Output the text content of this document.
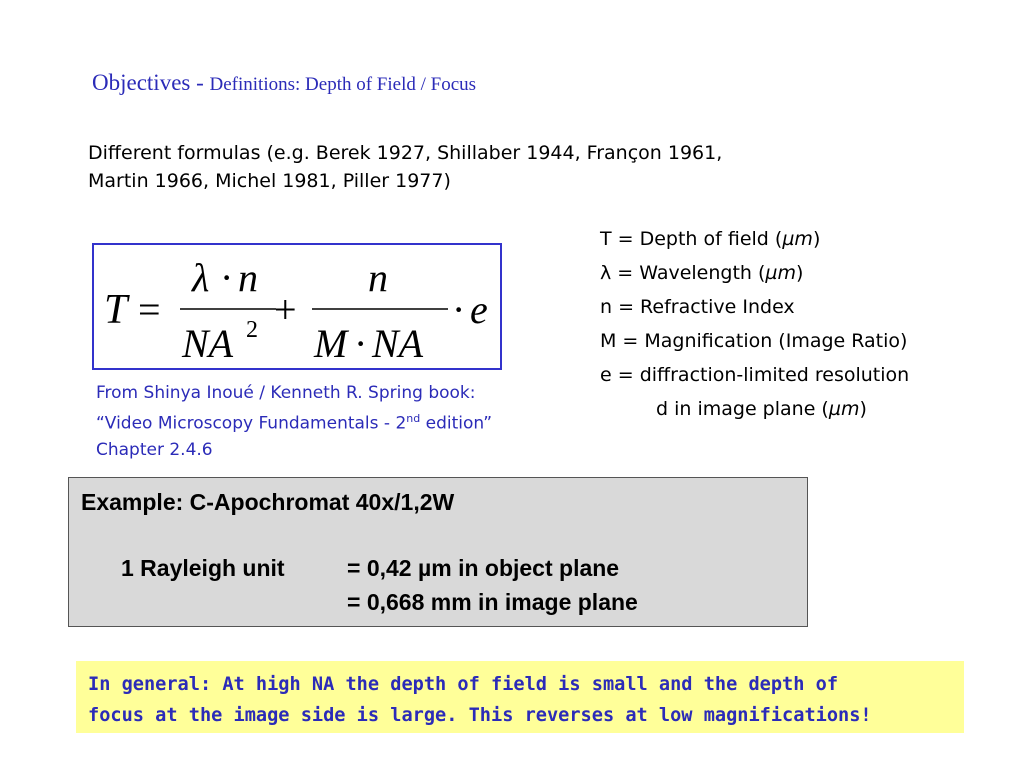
Objectives - Definitions: Depth of Field / Focus
Different formulas (e.g. Berek 1927, Shillaber 1944, Françon 1961,
Martin 1966, Michel 1981, Piller 1977)
T =
λ · n
NA 2 +
n
M · NA
· e
T = Depth of field (µm)
λ = Wavelength (µm)
n = Refractive Index
M = Magnification (Image Ratio)
e = diffraction-limited resolution
d in image plane (µm)
From Shinya Inoué / Kenneth R. Spring book:
“Video Microscopy Fundamentals - 2nd edition”
Chapter 2.4.6
Example: C-Apochromat 40x/1,2W
1 Rayleigh unit	= 0,42 µm in object plane
= 0,668 mm in image plane
In general: At high NA the depth of field is small and the depth of
focus at the image side is large. This reverses at low magnifications!
